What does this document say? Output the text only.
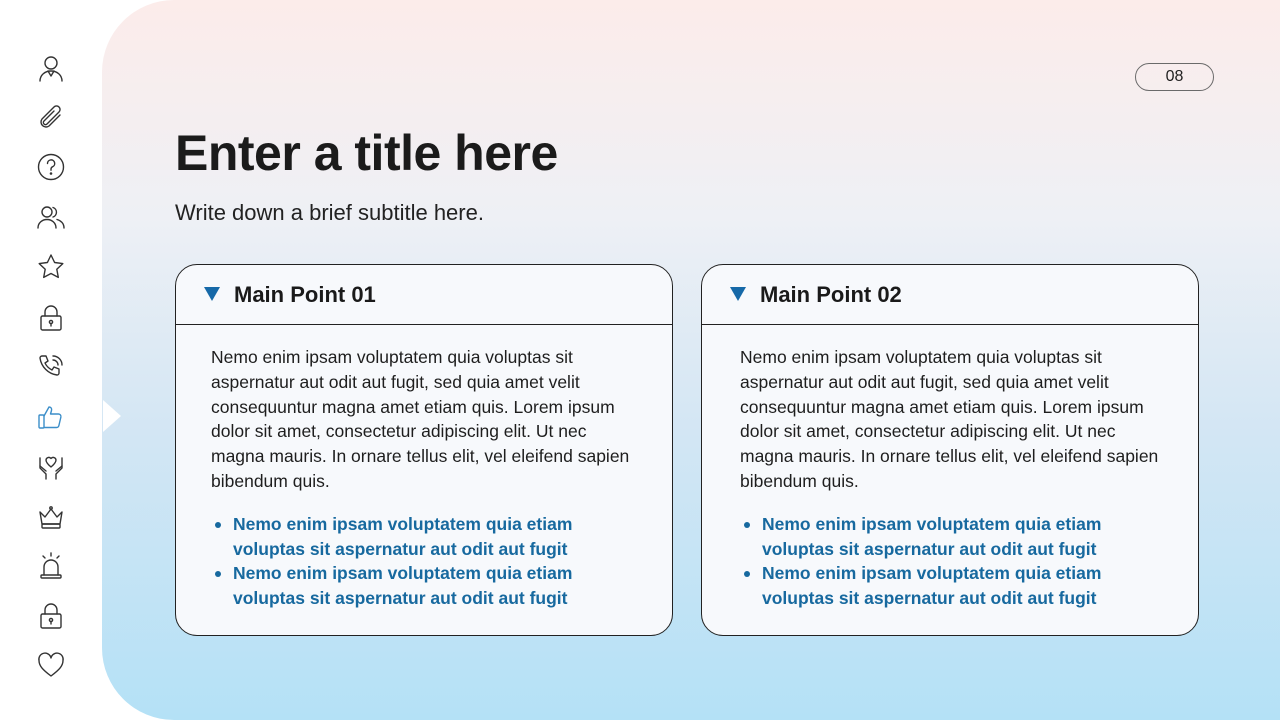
08
Enter a title here
Write down a brief subtitle here.
Main Point 01

Nemo enim ipsam voluptatem quia voluptas sit aspernatur aut odit aut fugit, sed quia amet velit consequuntur magna amet etiam quis. Lorem ipsum dolor sit amet, consectetur adipiscing elit. Ut nec magna mauris. In ornare tellus elit, vel eleifend sapien bibendum quis.

Nemo enim ipsam voluptatem quia etiam voluptas sit aspernatur aut odit aut fugit
Nemo enim ipsam voluptatem quia etiam voluptas sit aspernatur aut odit aut fugit
Main Point 02

Nemo enim ipsam voluptatem quia voluptas sit aspernatur aut odit aut fugit, sed quia amet velit consequuntur magna amet etiam quis. Lorem ipsum dolor sit amet, consectetur adipiscing elit. Ut nec magna mauris. In ornare tellus elit, vel eleifend sapien bibendum quis.

Nemo enim ipsam voluptatem quia etiam voluptas sit aspernatur aut odit aut fugit
Nemo enim ipsam voluptatem quia etiam voluptas sit aspernatur aut odit aut fugit
